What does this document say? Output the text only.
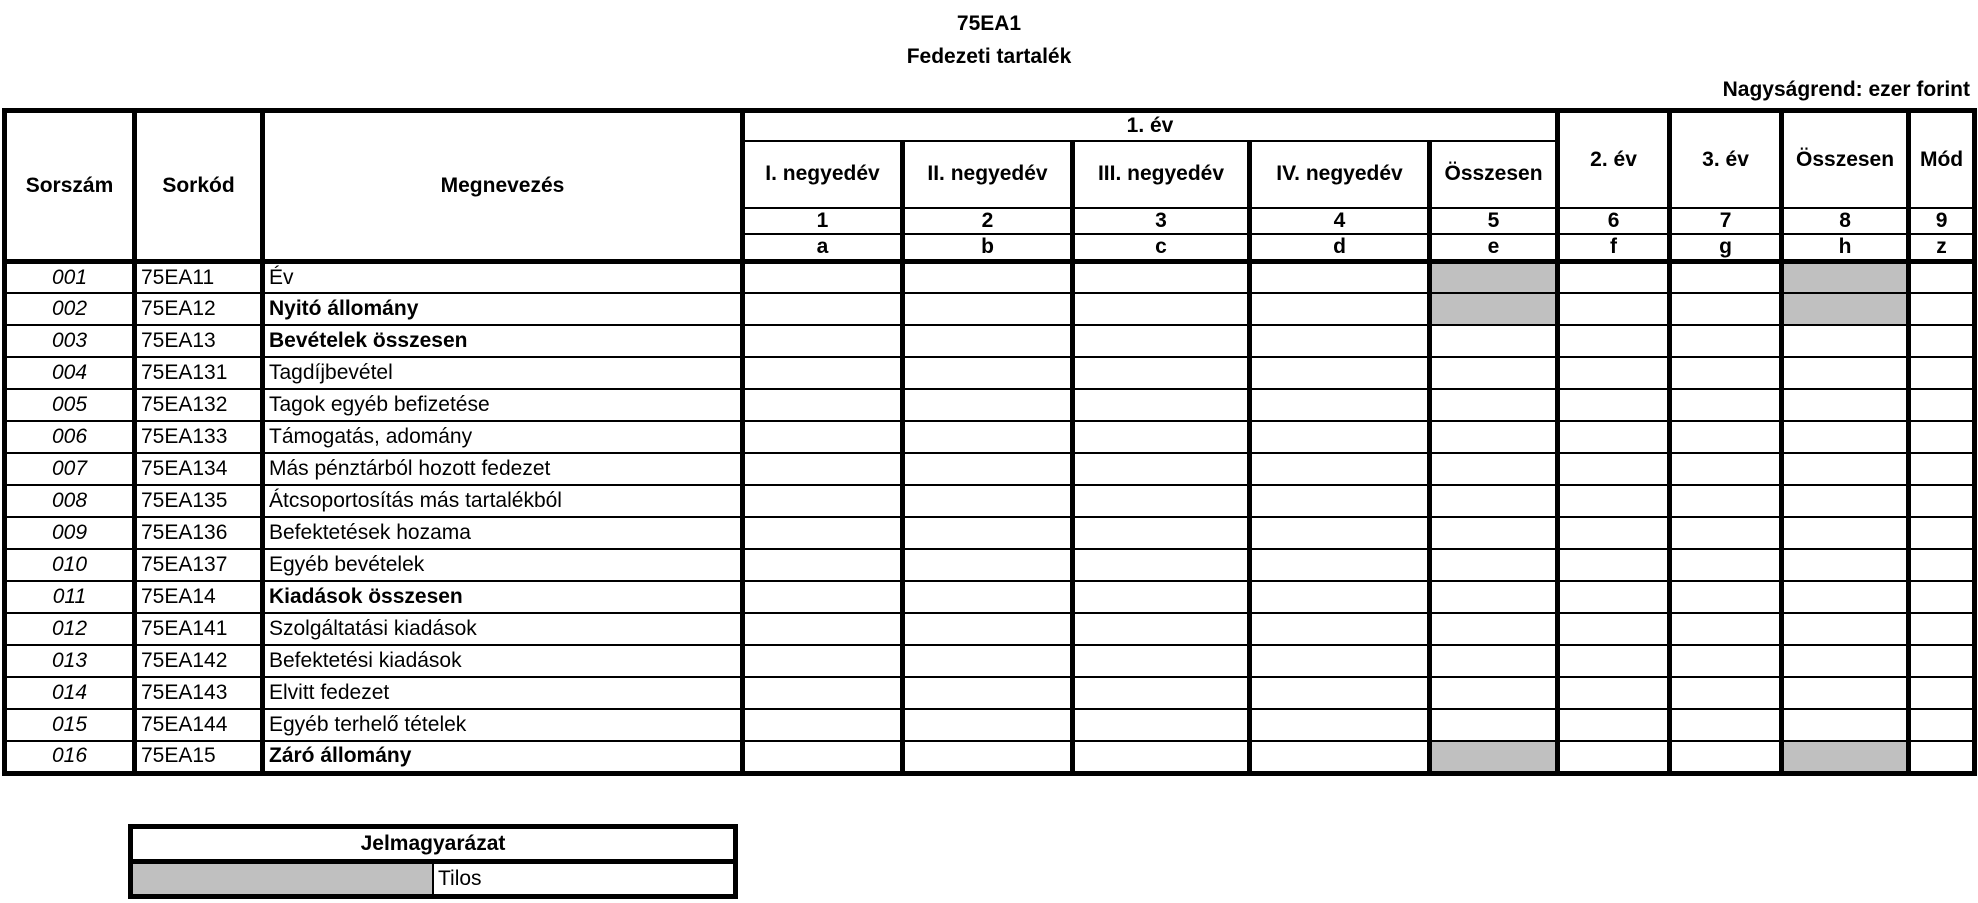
75EA1
Fedezeti tartalék
Nagyságrend: ezer forint
Sorszám	Sorkód	Megnevezés	1. év					2. év	3. év	Összesen	Mód
			I. negyedév	II. negyedév	III. negyedév	IV. negyedév	Összesen				
			1	2	3	4	5	6	7	8	9
			a	b	c	d	e	f	g	h	z
001	75EA11	Év									
002	75EA12	Nyitó állomány									
003	75EA13	Bevételek összesen									
004	75EA131	Tagdíjbevétel									
005	75EA132	Tagok egyéb befizetése									
006	75EA133	Támogatás, adomány									
007	75EA134	Más pénztárból hozott fedezet									
008	75EA135	Átcsoportosítás más tartalékból									
009	75EA136	Befektetések hozama									
010	75EA137	Egyéb bevételek									
011	75EA14	Kiadások összesen									
012	75EA141	Szolgáltatási kiadások									
013	75EA142	Befektetési kiadások									
014	75EA143	Elvitt fedezet									
015	75EA144	Egyéb terhelő tételek									
016	75EA15	Záró állomány									
Jelmagyarázat
	Tilos
